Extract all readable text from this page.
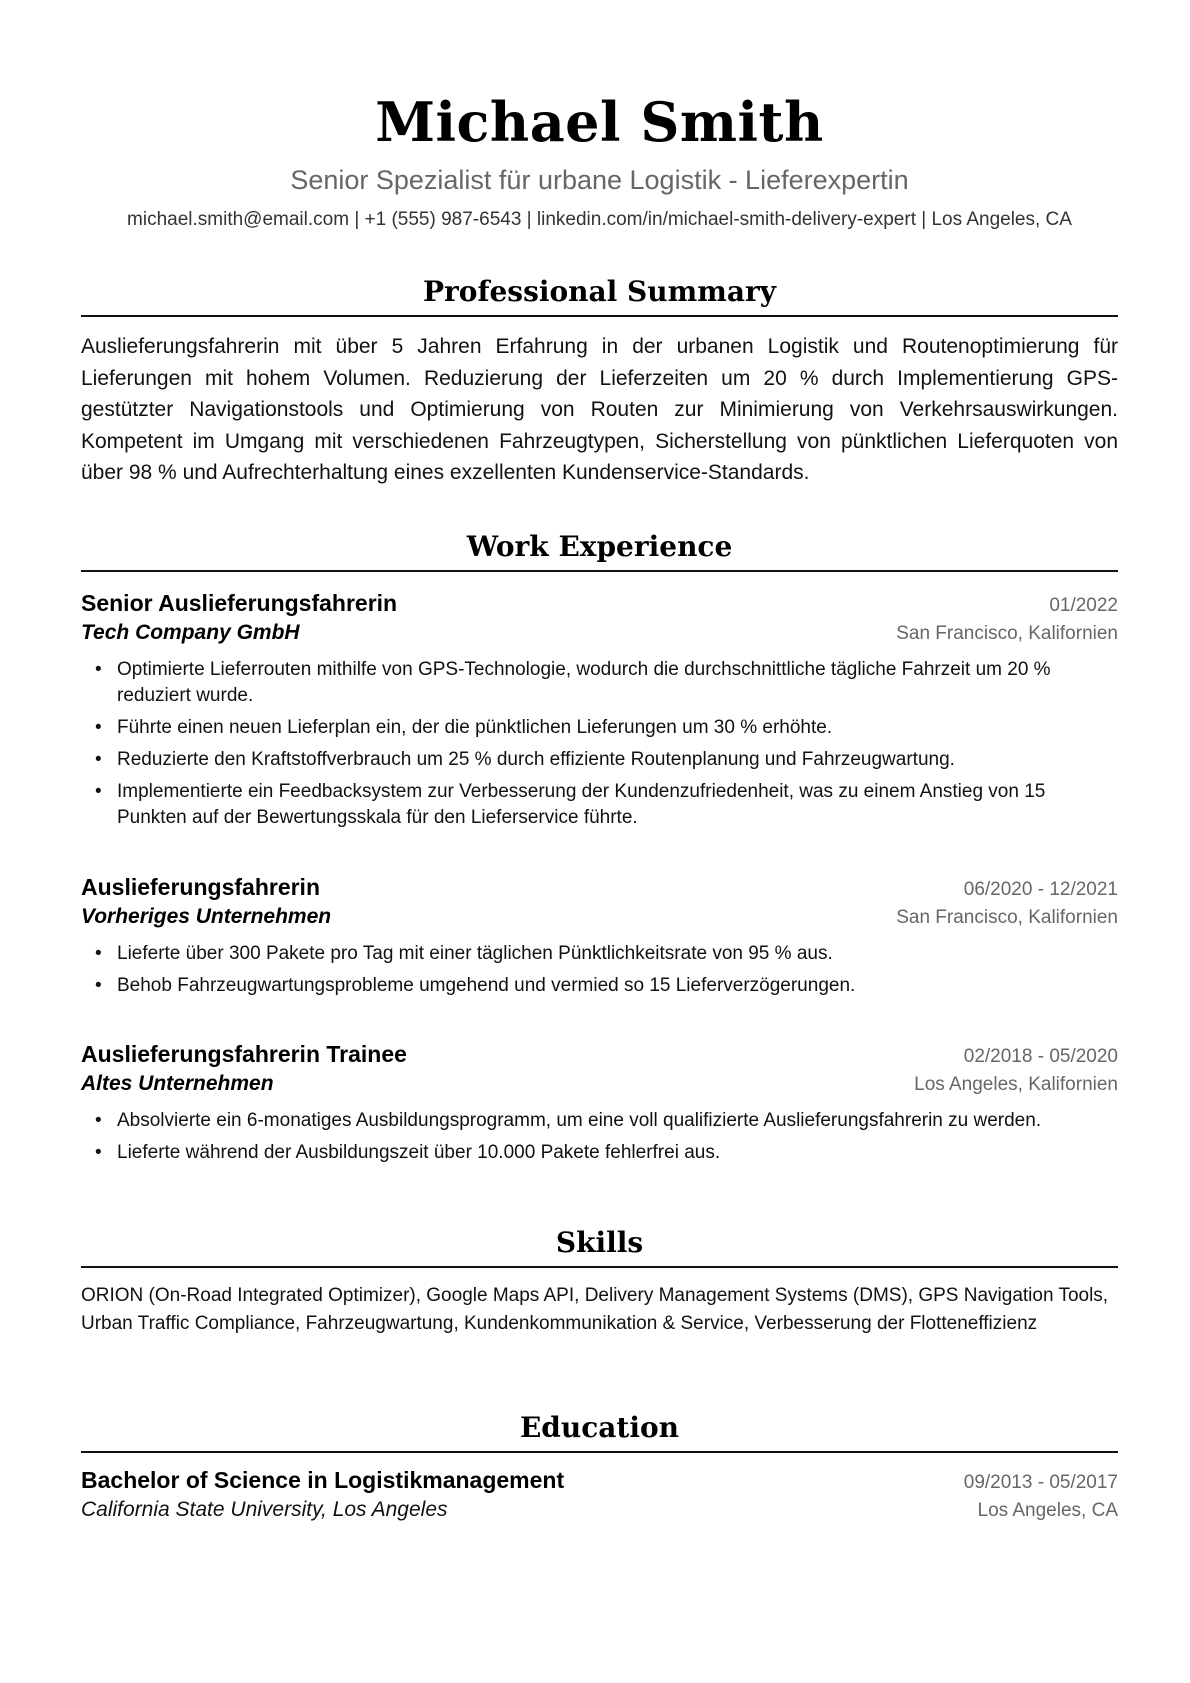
Michael Smith
Senior Spezialist für urbane Logistik - Lieferexpertin
michael.smith@email.com | +1 (555) 987-6543 | linkedin.com/in/michael-smith-delivery-expert | Los Angeles, CA
Professional Summary
Auslieferungsfahrerin mit über 5 Jahren Erfahrung in der urbanen Logistik und Routenoptimierung für Lieferungen mit hohem Volumen. Reduzierung der Lieferzeiten um 20 % durch Implementierung GPS-gestützter Navigationstools und Optimierung von Routen zur Minimierung von Verkehrsauswirkungen. Kompetent im Umgang mit verschiedenen Fahrzeugtypen, Sicherstellung von pünktlichen Lieferquoten von über 98 % und Aufrechterhaltung eines exzellenten Kundenservice-Standards.
Work Experience
Senior Auslieferungsfahrerin	01/2022
Tech Company GmbH	San Francisco, Kalifornien
• Optimierte Lieferrouten mithilfe von GPS-Technologie, wodurch die durchschnittliche tägliche Fahrzeit um 20 % reduziert wurde.
• Führte einen neuen Lieferplan ein, der die pünktlichen Lieferungen um 30 % erhöhte.
• Reduzierte den Kraftstoffverbrauch um 25 % durch effiziente Routenplanung und Fahrzeugwartung.
• Implementierte ein Feedbacksystem zur Verbesserung der Kundenzufriedenheit, was zu einem Anstieg von 15 Punkten auf der Bewertungsskala für den Lieferservice führte.
Auslieferungsfahrerin	06/2020 - 12/2021
Vorheriges Unternehmen	San Francisco, Kalifornien
• Lieferte über 300 Pakete pro Tag mit einer täglichen Pünktlichkeitsrate von 95 % aus.
• Behob Fahrzeugwartungsprobleme umgehend und vermied so 15 Lieferverzögerungen.
Auslieferungsfahrerin Trainee	02/2018 - 05/2020
Altes Unternehmen	Los Angeles, Kalifornien
• Absolvierte ein 6-monatiges Ausbildungsprogramm, um eine voll qualifizierte Auslieferungsfahrerin zu werden.
• Lieferte während der Ausbildungszeit über 10.000 Pakete fehlerfrei aus.
Skills
ORION (On-Road Integrated Optimizer), Google Maps API, Delivery Management Systems (DMS), GPS Navigation Tools, Urban Traffic Compliance, Fahrzeugwartung, Kundenkommunikation & Service, Verbesserung der Flotteneffizienz
Education
Bachelor of Science in Logistikmanagement	09/2013 - 05/2017
California State University, Los Angeles	Los Angeles, CA
